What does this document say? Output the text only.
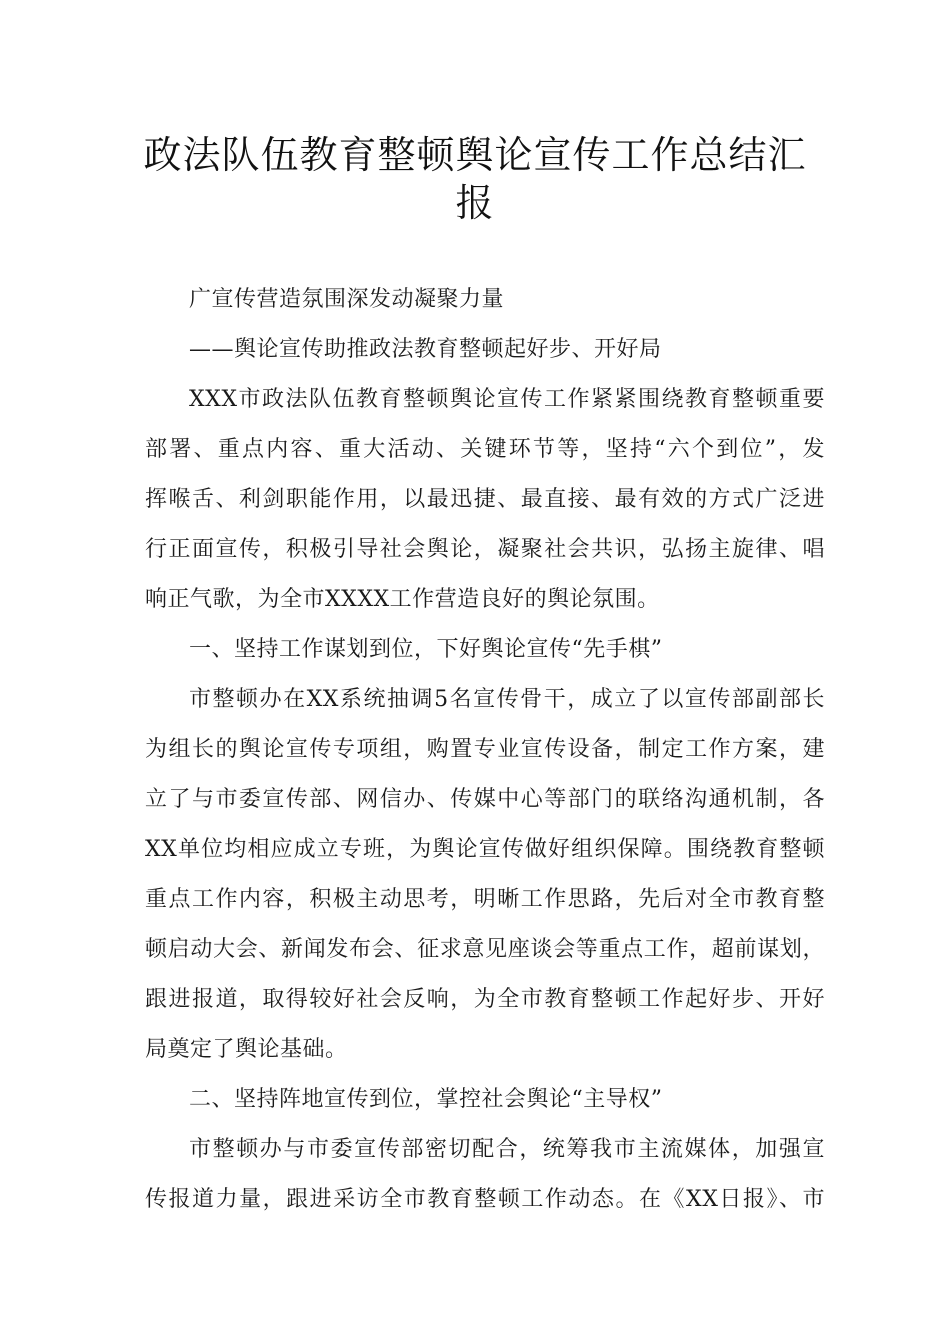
政法队伍教育整顿舆论宣传工作总结汇
报
广宣传营造氛围深发动凝聚力量
——舆论宣传助推政法教育整顿起好步、开好局
XXX市政法队伍教育整顿舆论宣传工作紧紧围绕教育整顿重要
部署、重点内容、重大活动、关键环节等，坚持“六个到位”，发
挥喉舌、利剑职能作用，以最迅捷、最直接、最有效的方式广泛进
行正面宣传，积极引导社会舆论，凝聚社会共识，弘扬主旋律、唱
响正气歌，为全市XXXX工作营造良好的舆论氛围。
一、坚持工作谋划到位，下好舆论宣传“先手棋”
市整顿办在XX系统抽调5名宣传骨干，成立了以宣传部副部长
为组长的舆论宣传专项组，购置专业宣传设备，制定工作方案，建
立了与市委宣传部、网信办、传媒中心等部门的联络沟通机制，各
XX单位均相应成立专班，为舆论宣传做好组织保障。围绕教育整顿
重点工作内容，积极主动思考，明晰工作思路，先后对全市教育整
顿启动大会、新闻发布会、征求意见座谈会等重点工作，超前谋划，
跟进报道，取得较好社会反响，为全市教育整顿工作起好步、开好
局奠定了舆论基础。
二、坚持阵地宣传到位，掌控社会舆论“主导权”
市整顿办与市委宣传部密切配合，统筹我市主流媒体，加强宣
传报道力量，跟进采访全市教育整顿工作动态。在《XX日报》、市
